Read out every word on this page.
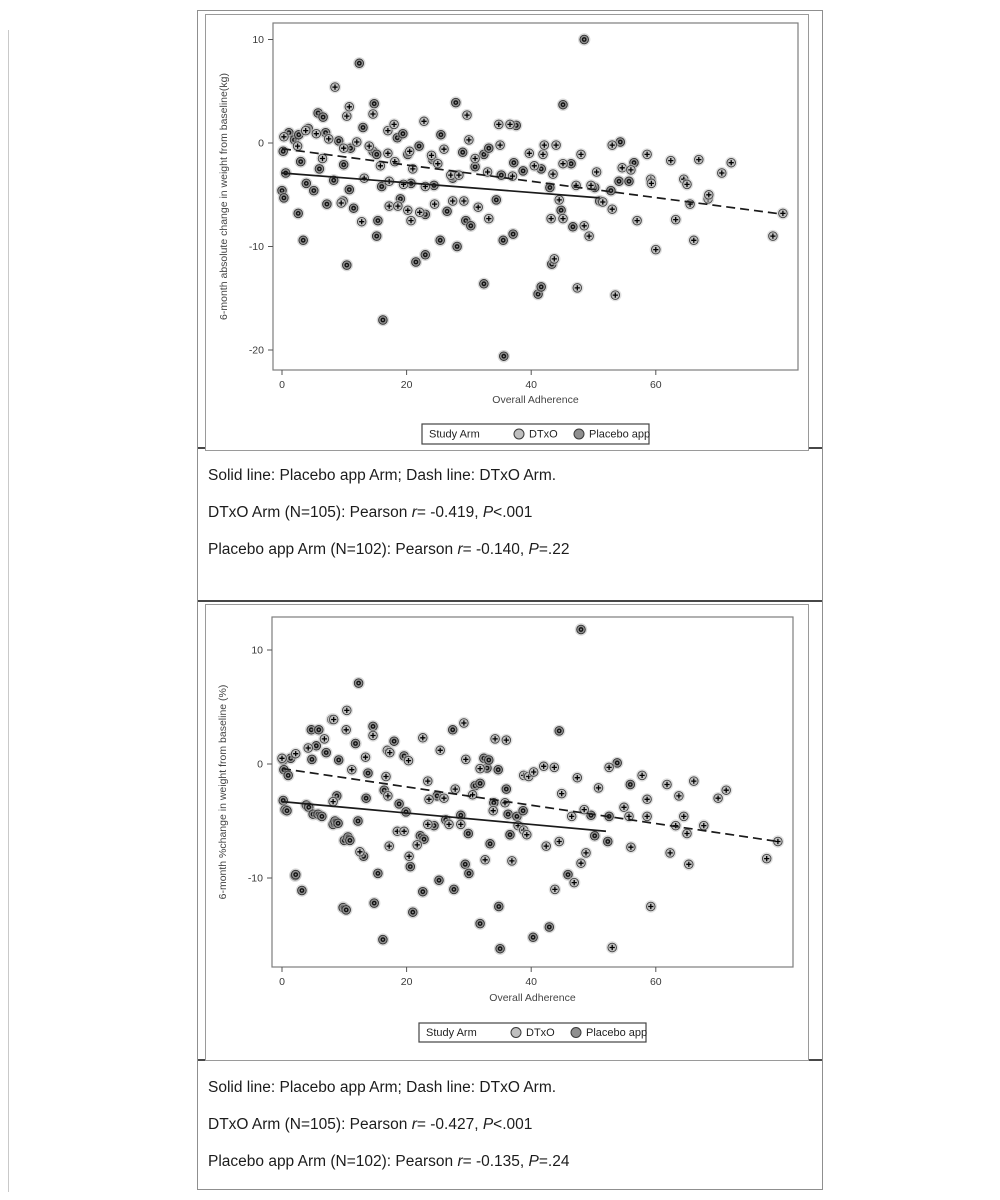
0	20	40	60
10
0
-10
-20
Overall Adherence
6-month absolute change in weight from baseline(kg)
Study Arm	DTxO	Placebo app

Solid line: Placebo app Arm; Dash line: DTxO Arm.

DTxO Arm (N=105): Pearson r= -0.419, P<.001

Placebo app Arm (N=102): Pearson r= -0.140, P=.22

0	20	40	60
10
0
-10
Overall Adherence
6-month %change in weight from baseline (%)
Study Arm	DTxO	Placebo app

Solid line: Placebo app Arm; Dash line: DTxO Arm.

DTxO Arm (N=105): Pearson r= -0.427, P<.001

Placebo app Arm (N=102): Pearson r= -0.135, P=.24
